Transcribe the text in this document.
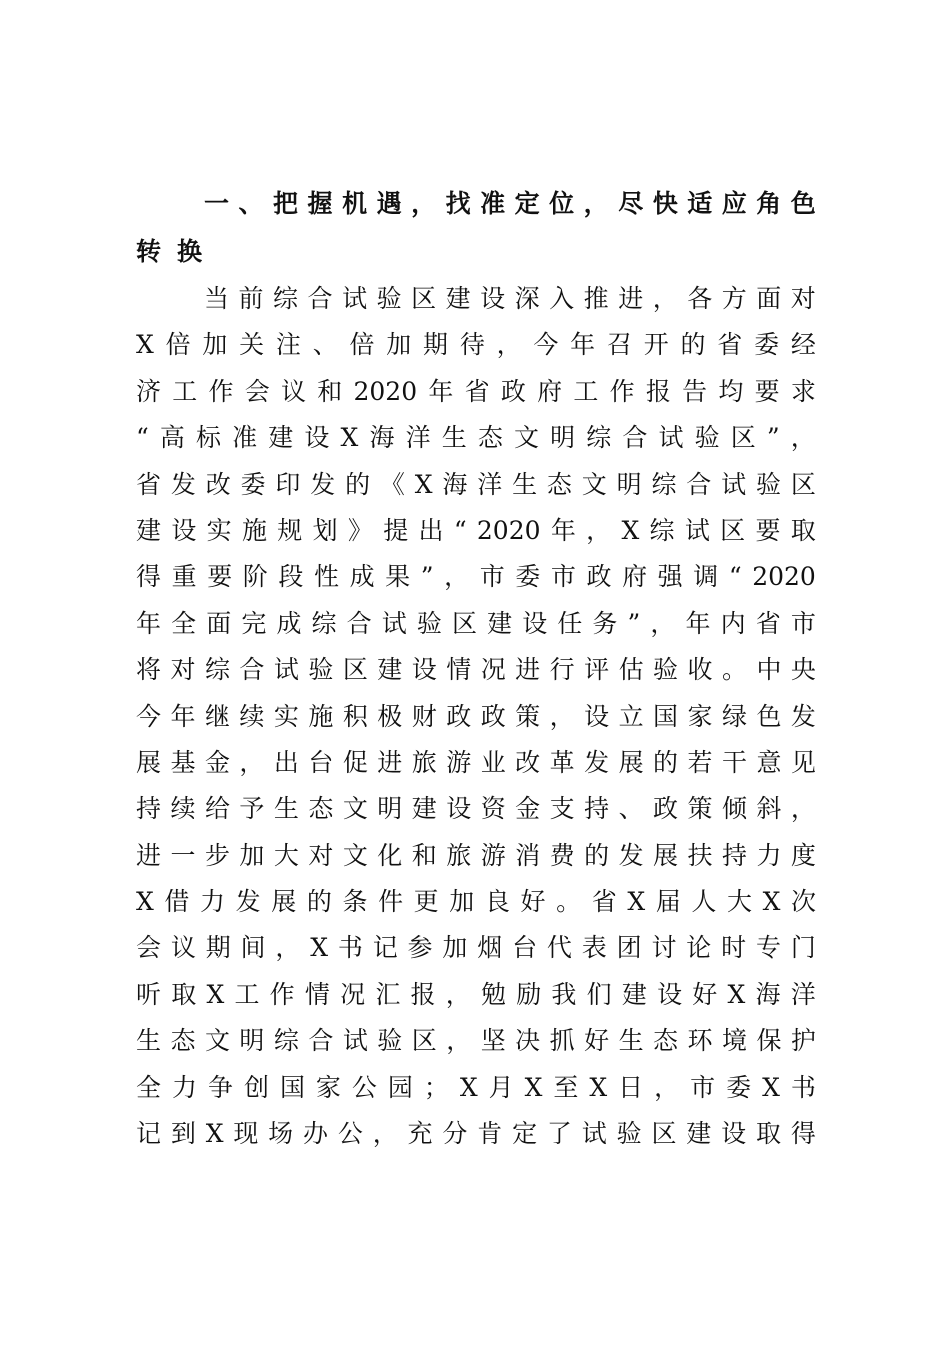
一 、 把 握 机 遇 ， 找 准 定 位 ， 尽 快 适 应 角 色
转 换
当 前 综 合 试 验 区 建 设 深 入 推 进 ， 各 方 面 对
X 倍 加 关 注 、 倍 加 期 待 ， 今 年 召 开 的 省 委 经
济 工 作 会 议 和 2020 年 省 政 府 工 作 报 告 均 要 求
“ 高 标 准 建 设 X 海 洋 生 态 文 明 综 合 试 验 区 ” ，
省 发 改 委 印 发 的 《 X 海 洋 生 态 文 明 综 合 试 验 区
建 设 实 施 规 划 》 提 出 “ 2020 年 ， X 综 试 区 要 取
得 重 要 阶 段 性 成 果 ” ， 市 委 市 政 府 强 调 “ 2020
年 全 面 完 成 综 合 试 验 区 建 设 任 务 ” ， 年 内 省 市
将 对 综 合 试 验 区 建 设 情 况 进 行 评 估 验 收 。 中 央
今 年 继 续 实 施 积 极 财 政 政 策 ， 设 立 国 家 绿 色 发
展 基 金 ， 出 台 促 进 旅 游 业 改 革 发 展 的 若 干 意 见
持 续 给 予 生 态 文 明 建 设 资 金 支 持 、 政 策 倾 斜 ，
进 一 步 加 大 对 文 化 和 旅 游 消 费 的 发 展 扶 持 力 度
X 借 力 发 展 的 条 件 更 加 良 好 。 省 X 届 人 大 X 次
会 议 期 间 ， X 书 记 参 加 烟 台 代 表 团 讨 论 时 专 门
听 取 X 工 作 情 况 汇 报 ， 勉 励 我 们 建 设 好 X 海 洋
生 态 文 明 综 合 试 验 区 ， 坚 决 抓 好 生 态 环 境 保 护
全 力 争 创 国 家 公 园 ； X 月 X 至 X 日 ， 市 委 X 书
记 到 X 现 场 办 公 ， 充 分 肯 定 了 试 验 区 建 设 取 得
